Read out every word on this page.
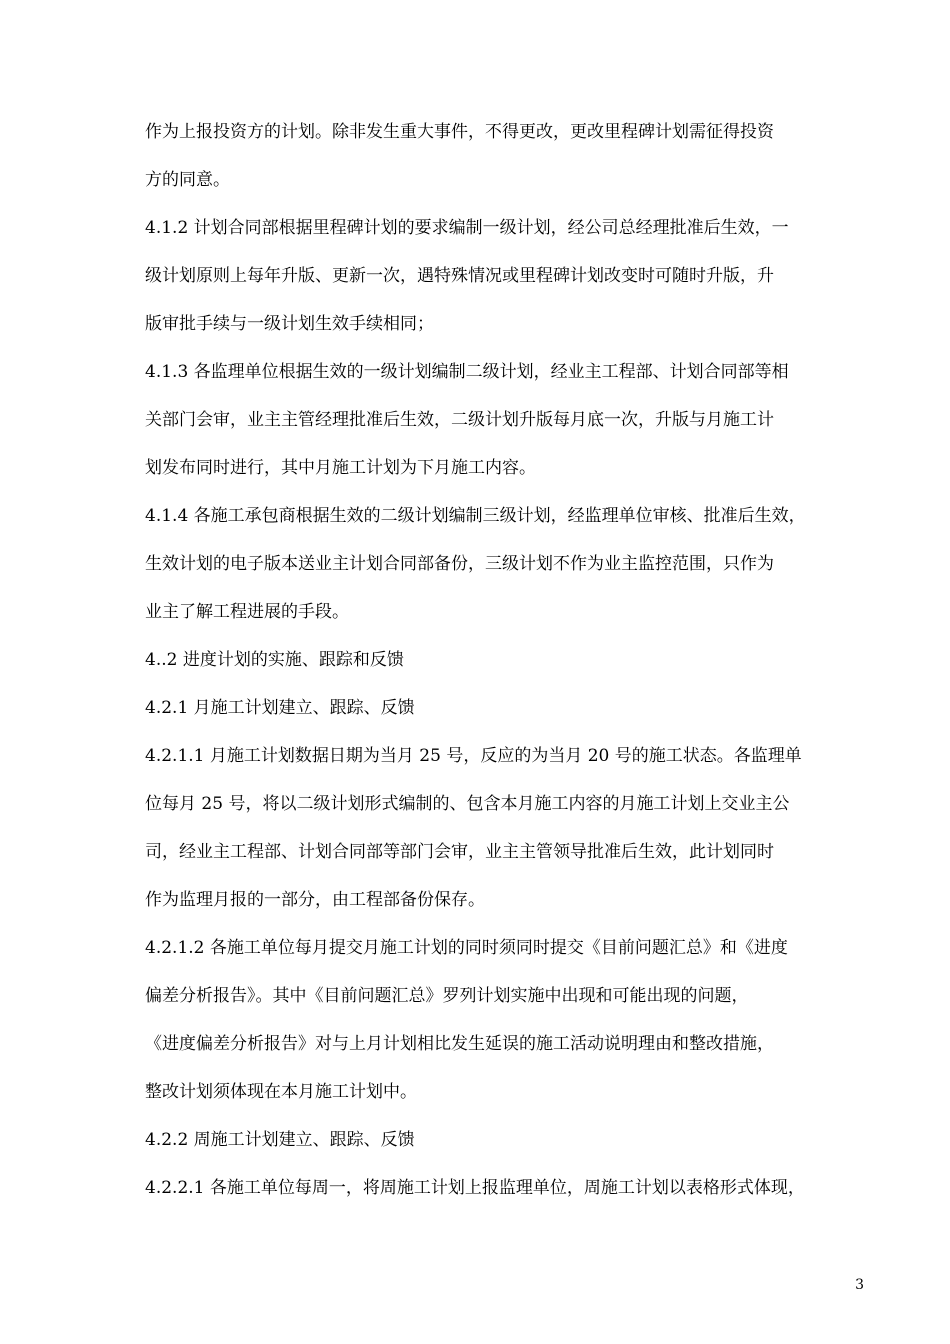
作为上报投资方的计划。除非发生重大事件，不得更改，更改里程碑计划需征得投资
方的同意。
4.1.2 计划合同部根据里程碑计划的要求编制一级计划，经公司总经理批准后生效，一
级计划原则上每年升版、更新一次，遇特殊情况或里程碑计划改变时可随时升版，升
版审批手续与一级计划生效手续相同；
4.1.3 各监理单位根据生效的一级计划编制二级计划，经业主工程部、计划合同部等相
关部门会审，业主主管经理批准后生效，二级计划升版每月底一次，升版与月施工计
划发布同时进行，其中月施工计划为下月施工内容。
4.1.4 各施工承包商根据生效的二级计划编制三级计划，经监理单位审核、批准后生效，
生效计划的电子版本送业主计划合同部备份，三级计划不作为业主监控范围，只作为
业主了解工程进展的手段。
4..2 进度计划的实施、跟踪和反馈
4.2.1 月施工计划建立、跟踪、反馈
4.2.1.1 月施工计划数据日期为当月 25 号，反应的为当月 20 号的施工状态。各监理单
位每月 25 号，将以二级计划形式编制的、包含本月施工内容的月施工计划上交业主公
司，经业主工程部、计划合同部等部门会审，业主主管领导批准后生效，此计划同时
作为监理月报的一部分，由工程部备份保存。
4.2.1.2 各施工单位每月提交月施工计划的同时须同时提交《目前问题汇总》和《进度
偏差分析报告》。其中《目前问题汇总》罗列计划实施中出现和可能出现的问题，
《进度偏差分析报告》对与上月计划相比发生延误的施工活动说明理由和整改措施，
整改计划须体现在本月施工计划中。
4.2.2 周施工计划建立、跟踪、反馈
4.2.2.1 各施工单位每周一，将周施工计划上报监理单位，周施工计划以表格形式体现，
3
